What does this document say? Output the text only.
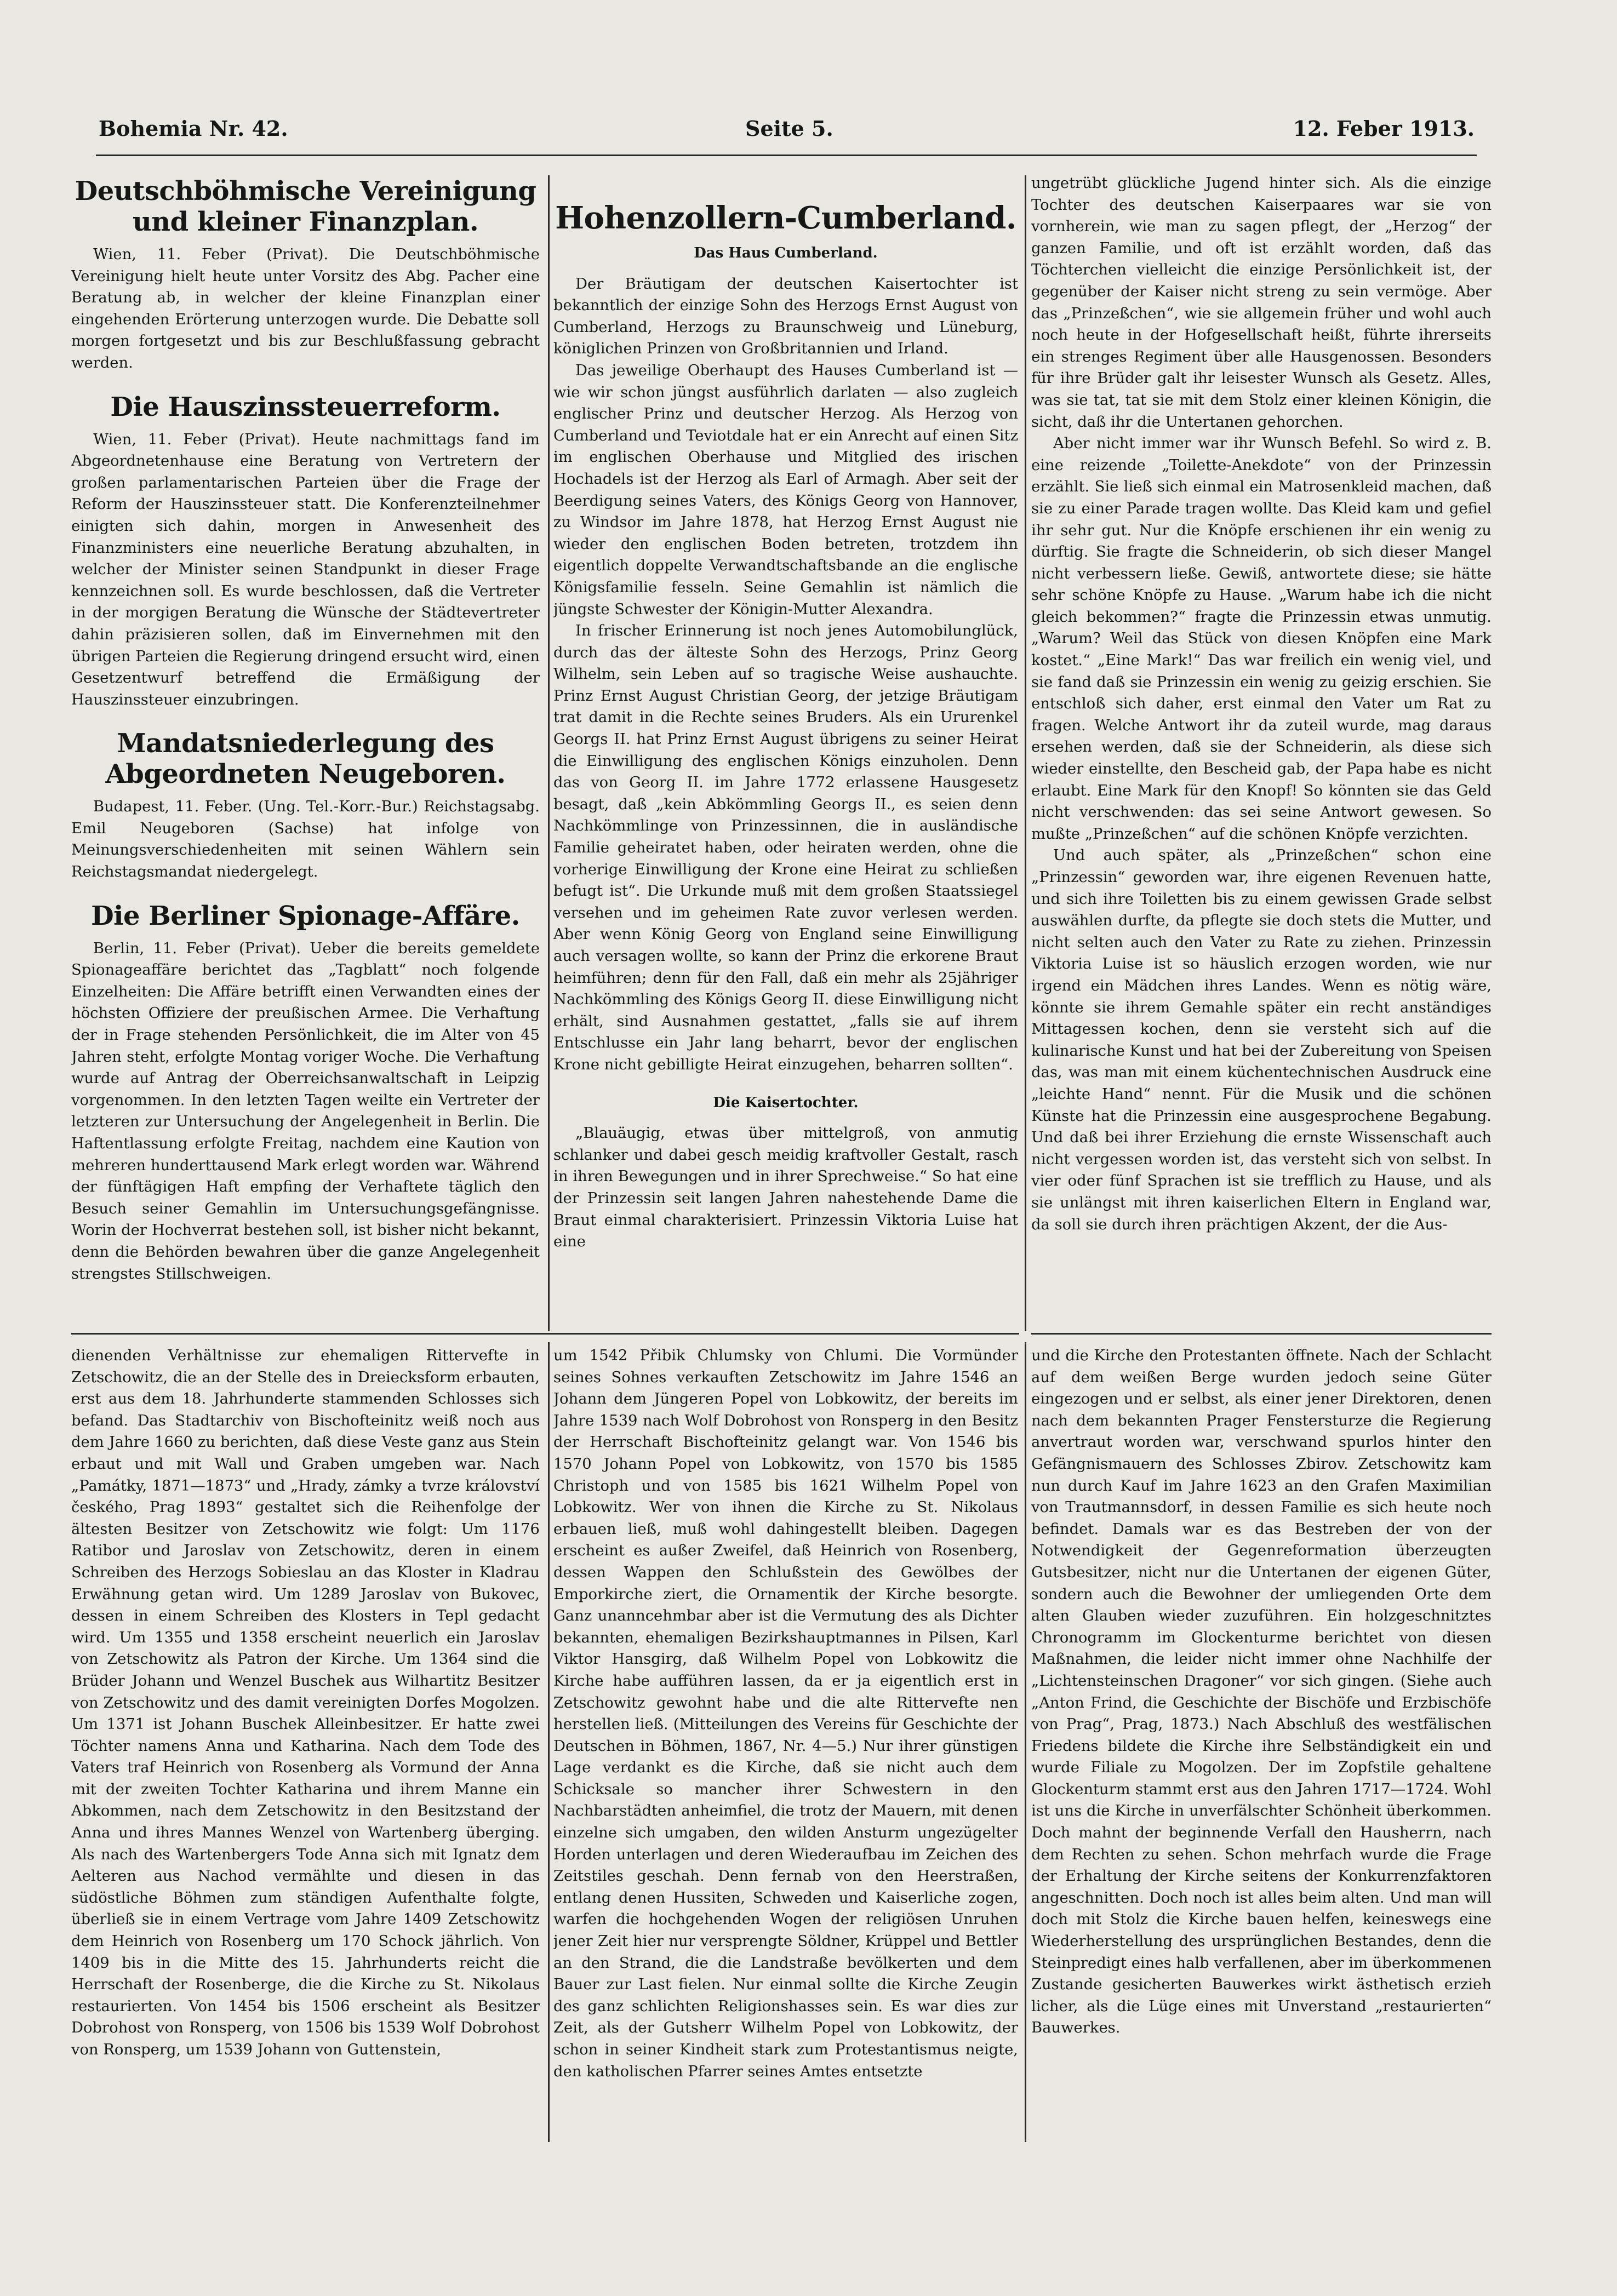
Bohemia Nr. 42.	Seite 5.	12. Feber 1913.
Deutschböhmische Vereinigung und kleiner Finanzplan.

Wien, 11. Feber (Privat). Die Deutschböhmische Vereinigung hielt heute unter Vorsitz des Abg. Pacher eine Beratung ab, in welcher der kleine Finanzplan einer eingehenden Erörterung unterzogen wurde. Die Debatte soll morgen fortgesetzt und bis zur Beschlußfassung gebracht werden.

Die Hauszinssteuerreform.

Wien, 11. Feber (Privat). Heute nachmittags fand im Abgeordnetenhause eine Beratung von Vertretern der großen parlamentarischen Parteien über die Frage der Reform der Hauszinssteuer statt. Die Konferenzteilnehmer einigten sich dahin, morgen in Anwesenheit des Finanzministers eine neuerliche Beratung abzuhalten, in welcher der Minister seinen Standpunkt in dieser Frage kennzeichnen soll. Es wurde beschlossen, daß die Vertreter in der morgigen Beratung die Wünsche der Städtevertreter dahin präzisieren sollen, daß im Einvernehmen mit den übrigen Parteien die Regierung dringend ersucht wird, einen Gesetzentwurf betreffend die Ermäßigung der Hauszinssteuer einzubringen.

Mandatsniederlegung des Abgeordneten Neugeboren.

Budapest, 11. Feber. (Ung. Tel.-Korr.-Bur.) Reichstagsabg. Emil Neugeboren (Sachse) hat infolge von Meinungsverschiedenheiten mit seinen Wählern sein Reichstagsmandat niedergelegt.

Die Berliner Spionage-Affäre.

Berlin, 11. Feber (Privat). Ueber die bereits gemeldete Spionageaffäre berichtet das „Tagblatt“ noch folgende Einzelheiten: Die Affäre betrifft einen Verwandten eines der höchsten Offiziere der preußischen Armee. Die Verhaftung der in Frage stehenden Persönlichkeit, die im Alter von 45 Jahren steht, erfolgte Montag voriger Woche. Die Verhaftung wurde auf Antrag der Oberreichsanwaltschaft in Leipzig vorgenommen. In den letzten Tagen weilte ein Vertreter der letzteren zur Untersuchung der Angelegenheit in Berlin. Die Haftentlassung erfolgte Freitag, nachdem eine Kaution von mehreren hunderttausend Mark erlegt worden war. Während der fünftägigen Haft empfing der Verhaftete täglich den Besuch seiner Gemahlin im Untersuchungsgefängnisse. Worin der Hochverrat bestehen soll, ist bisher nicht bekannt, denn die Behörden bewahren über die ganze Angelegenheit strengstes Stillschweigen.

Hohenzollern-Cumberland.
Das Haus Cumberland.

Der Bräutigam der deutschen Kaisertochter ist bekanntlich der einzige Sohn des Herzogs Ernst August von Cumberland, Herzogs zu Braunschweig und Lüneburg, königlichen Prinzen von Großbritannien und Irland.

Das jeweilige Oberhaupt des Hauses Cumberland ist — wie wir schon jüngst ausführlich darlaten — also zugleich englischer Prinz und deutscher Herzog. Als Herzog von Cumberland und Teviotdale hat er ein Anrecht auf einen Sitz im englischen Oberhause und Mitglied des irischen Hochadels ist der Herzog als Earl of Armagh. Aber seit der Beerdigung seines Vaters, des Königs Georg von Hannover, zu Windsor im Jahre 1878, hat Herzog Ernst August nie wieder den englischen Boden betreten, trotzdem ihn eigentlich doppelte Verwandtschaftsbande an die englische Königsfamilie fesseln. Seine Gemahlin ist nämlich die jüngste Schwester der Königin-Mutter Alexandra.

In frischer Erinnerung ist noch jenes Automobilunglück, durch das der älteste Sohn des Herzogs, Prinz Georg Wilhelm, sein Leben auf so tragische Weise aushauchte. Prinz Ernst August Christian Georg, der jetzige Bräutigam trat damit in die Rechte seines Bruders. Als ein Ururenkel Georgs II. hat Prinz Ernst August übrigens zu seiner Heirat die Einwilligung des englischen Königs einzuholen. Denn das von Georg II. im Jahre 1772 erlassene Hausgesetz besagt, daß „kein Abkömmling Georgs II., es seien denn Nachkömmlinge von Prinzessinnen, die in ausländische Familie geheiratet haben, oder heiraten werden, ohne die vorherige Einwilligung der Krone eine Heirat zu schließen befugt ist“. Die Urkunde muß mit dem großen Staatssiegel versehen und im geheimen Rate zuvor verlesen werden. Aber wenn König Georg von England seine Einwilligung auch versagen wollte, so kann der Prinz die erkorene Braut heimführen; denn für den Fall, daß ein mehr als 25jähriger Nachkömmling des Königs Georg II. diese Einwilligung nicht erhält, sind Ausnahmen gestattet, „falls sie auf ihrem Entschlusse ein Jahr lang beharrt, bevor der englischen Krone nicht gebilligte Heirat einzugehen, beharren sollten“.

Die Kaisertochter.

„Blauäugig, etwas über mittelgroß, von anmutig schlanker und dabei gesch meidig kraftvoller Gestalt, rasch in ihren Bewegungen und in ihrer Sprechweise.“ So hat eine der Prinzessin seit langen Jahren nahestehende Dame die Braut einmal charakterisiert. Prinzessin Viktoria Luise hat eine

ungetrübt glückliche Jugend hinter sich. Als die einzige Tochter des deutschen Kaiserpaares war sie von vornherein, wie man zu sagen pflegt, der „Herzog“ der ganzen Familie, und oft ist erzählt worden, daß das Töchterchen vielleicht die einzige Persönlichkeit ist, der gegenüber der Kaiser nicht streng zu sein vermöge. Aber das „Prinzeßchen“, wie sie allgemein früher und wohl auch noch heute in der Hofgesellschaft heißt, führte ihrerseits ein strenges Regiment über alle Hausgenossen. Besonders für ihre Brüder galt ihr leisester Wunsch als Gesetz. Alles, was sie tat, tat sie mit dem Stolz einer kleinen Königin, die sicht, daß ihr die Untertanen gehorchen.

Aber nicht immer war ihr Wunsch Befehl. So wird z. B. eine reizende „Toilette-Anekdote“ von der Prinzessin erzählt. Sie ließ sich einmal ein Matrosenkleid machen, daß sie zu einer Parade tragen wollte. Das Kleid kam und gefiel ihr sehr gut. Nur die Knöpfe erschienen ihr ein wenig zu dürftig. Sie fragte die Schneiderin, ob sich dieser Mangel nicht verbessern ließe. Gewiß, antwortete diese; sie hätte sehr schöne Knöpfe zu Hause. „Warum habe ich die nicht gleich bekommen?“ fragte die Prinzessin etwas unmutig. „Warum? Weil das Stück von diesen Knöpfen eine Mark kostet.“ „Eine Mark!“ Das war freilich ein wenig viel, und sie fand daß sie Prinzessin ein wenig zu geizig erschien. Sie entschloß sich daher, erst einmal den Vater um Rat zu fragen. Welche Antwort ihr da zuteil wurde, mag daraus ersehen werden, daß sie der Schneiderin, als diese sich wieder einstellte, den Bescheid gab, der Papa habe es nicht erlaubt. Eine Mark für den Knopf! So könnten sie das Geld nicht verschwenden: das sei seine Antwort gewesen. So mußte „Prinzeßchen“ auf die schönen Knöpfe verzichten.

Und auch später, als „Prinzeßchen“ schon eine „Prinzessin“ geworden war, ihre eigenen Revenuen hatte, und sich ihre Toiletten bis zu einem gewissen Grade selbst auswählen durfte, da pflegte sie doch stets die Mutter, und nicht selten auch den Vater zu Rate zu ziehen. Prinzessin Viktoria Luise ist so häuslich erzogen worden, wie nur irgend ein Mädchen ihres Landes. Wenn es nötig wäre, könnte sie ihrem Gemahle später ein recht anständiges Mittagessen kochen, denn sie versteht sich auf die kulinarische Kunst und hat bei der Zubereitung von Speisen das, was man mit einem küchentechnischen Ausdruck eine „leichte Hand“ nennt. Für die Musik und die schönen Künste hat die Prinzessin eine ausgesprochene Begabung. Und daß bei ihrer Erziehung die ernste Wissenschaft auch nicht vergessen worden ist, das versteht sich von selbst. In vier oder fünf Sprachen ist sie trefflich zu Hause, und als sie unlängst mit ihren kaiserlichen Eltern in England war, da soll sie durch ihren prächtigen Akzent, der die Aus-

dienenden Verhältnisse zur ehemaligen Rittervefte in Zetschowitz, die an der Stelle des in Dreiecksform erbauten, erst aus dem 18. Jahrhunderte stammenden Schlosses sich befand. Das Stadtarchiv von Bischofteinitz weiß noch aus dem Jahre 1660 zu berichten, daß diese Veste ganz aus Stein erbaut und mit Wall und Graben umgeben war. Nach „Památky, 1871—1873“ und „Hrady, zámky a tvrze království českého, Prag 1893“ gestaltet sich die Reihenfolge der ältesten Besitzer von Zetschowitz wie folgt: Um 1176 Ratibor und Jaroslav von Zetschowitz, deren in einem Schreiben des Herzogs Sobieslau an das Kloster in Kladrau Erwähnung getan wird. Um 1289 Jaroslav von Bukovec, dessen in einem Schreiben des Klosters in Tepl gedacht wird. Um 1355 und 1358 erscheint neuerlich ein Jaroslav von Zetschowitz als Patron der Kirche. Um 1364 sind die Brüder Johann und Wenzel Buschek aus Wilhartitz Besitzer von Zetschowitz und des damit vereinigten Dorfes Mogolzen. Um 1371 ist Johann Buschek Alleinbesitzer. Er hatte zwei Töchter namens Anna und Katharina. Nach dem Tode des Vaters traf Heinrich von Rosenberg als Vormund der Anna mit der zweiten Tochter Katharina und ihrem Manne ein Abkommen, nach dem Zetschowitz in den Besitzstand der Anna und ihres Mannes Wenzel von Wartenberg überging. Als nach des Wartenbergers Tode Anna sich mit Ignatz dem Aelteren aus Nachod vermählte und diesen in das südöstliche Böhmen zum ständigen Aufenthalte folgte, überließ sie in einem Vertrage vom Jahre 1409 Zetschowitz dem Heinrich von Rosenberg um 170 Schock jährlich. Von 1409 bis in die Mitte des 15. Jahrhunderts reicht die Herrschaft der Rosenberge, die die Kirche zu St. Nikolaus restaurierten. Von 1454 bis 1506 erscheint als Besitzer Dobrohost von Ronsperg, von 1506 bis 1539 Wolf Dobrohost von Ronsperg, um 1539 Johann von Guttenstein,

um 1542 Přibik Chlumsky von Chlumi. Die Vormünder seines Sohnes verkauften Zetschowitz im Jahre 1546 an Johann dem Jüngeren Popel von Lobkowitz, der bereits im Jahre 1539 nach Wolf Dobrohost von Ronsperg in den Besitz der Herrschaft Bischofteinitz gelangt war. Von 1546 bis 1570 Johann Popel von Lobkowitz, von 1570 bis 1585 Christoph und von 1585 bis 1621 Wilhelm Popel von Lobkowitz. Wer von ihnen die Kirche zu St. Nikolaus erbauen ließ, muß wohl dahingestellt bleiben. Dagegen erscheint es außer Zweifel, daß Heinrich von Rosenberg, dessen Wappen den Schlußstein des Gewölbes der Emporkirche ziert, die Ornamentik der Kirche besorgte. Ganz unanncehmbar aber ist die Vermutung des als Dichter bekannten, ehemaligen Bezirkshauptmannes in Pilsen, Karl Viktor Hansgirg, daß Wilhelm Popel von Lobkowitz die Kirche habe aufführen lassen, da er ja eigentlich erst in Zetschowitz gewohnt habe und die alte Rittervefte nen herstellen ließ. (Mitteilungen des Vereins für Geschichte der Deutschen in Böhmen, 1867, Nr. 4—5.) Nur ihrer günstigen Lage verdankt es die Kirche, daß sie nicht auch dem Schicksale so mancher ihrer Schwestern in den Nachbarstädten anheimfiel, die trotz der Mauern, mit denen einzelne sich umgaben, den wilden Ansturm ungezügelter Horden unterlagen und deren Wiederaufbau im Zeichen des Zeitstiles geschah. Denn fernab von den Heerstraßen, entlang denen Hussiten, Schweden und Kaiserliche zogen, warfen die hochgehenden Wogen der religiösen Unruhen jener Zeit hier nur versprengte Söldner, Krüppel und Bettler an den Strand, die die Landstraße bevölkerten und dem Bauer zur Last fielen. Nur einmal sollte die Kirche Zeugin des ganz schlichten Religionshasses sein. Es war dies zur Zeit, als der Gutsherr Wilhelm Popel von Lobkowitz, der schon in seiner Kindheit stark zum Protestantismus neigte, den katholischen Pfarrer seines Amtes entsetzte

und die Kirche den Protestanten öffnete. Nach der Schlacht auf dem weißen Berge wurden jedoch seine Güter eingezogen und er selbst, als einer jener Direktoren, denen nach dem bekannten Prager Fenstersturze die Regierung anvertraut worden war, verschwand spurlos hinter den Gefängnismauern des Schlosses Zbirov. Zetschowitz kam nun durch Kauf im Jahre 1623 an den Grafen Maximilian von Trautmannsdorf, in dessen Familie es sich heute noch befindet. Damals war es das Bestreben der von der Notwendigkeit der Gegenreformation überzeugten Gutsbesitzer, nicht nur die Untertanen der eigenen Güter, sondern auch die Bewohner der umliegenden Orte dem alten Glauben wieder zuzuführen. Ein holzgeschnitztes Chronogramm im Glockenturme berichtet von diesen Maßnahmen, die leider nicht immer ohne Nachhilfe der „Lichtensteinschen Dragoner“ vor sich gingen. (Siehe auch „Anton Frind, die Geschichte der Bischöfe und Erzbischöfe von Prag“, Prag, 1873.) Nach Abschluß des westfälischen Friedens bildete die Kirche ihre Selbständigkeit ein und wurde Filiale zu Mogolzen. Der im Zopfstile gehaltene Glockenturm stammt erst aus den Jahren 1717—1724. Wohl ist uns die Kirche in unverfälschter Schönheit überkommen. Doch mahnt der beginnende Verfall den Hausherrn, nach dem Rechten zu sehen. Schon mehrfach wurde die Frage der Erhaltung der Kirche seitens der Konkurrenzfaktoren angeschnitten. Doch noch ist alles beim alten. Und man will doch mit Stolz die Kirche bauen helfen, keineswegs eine Wiederherstellung des ursprünglichen Bestandes, denn die Steinpredigt eines halb verfallenen, aber im überkommenen Zustande gesicherten Bauwerkes wirkt ästhetisch erzieh licher, als die Lüge eines mit Unverstand „restaurierten“ Bauwerkes.
